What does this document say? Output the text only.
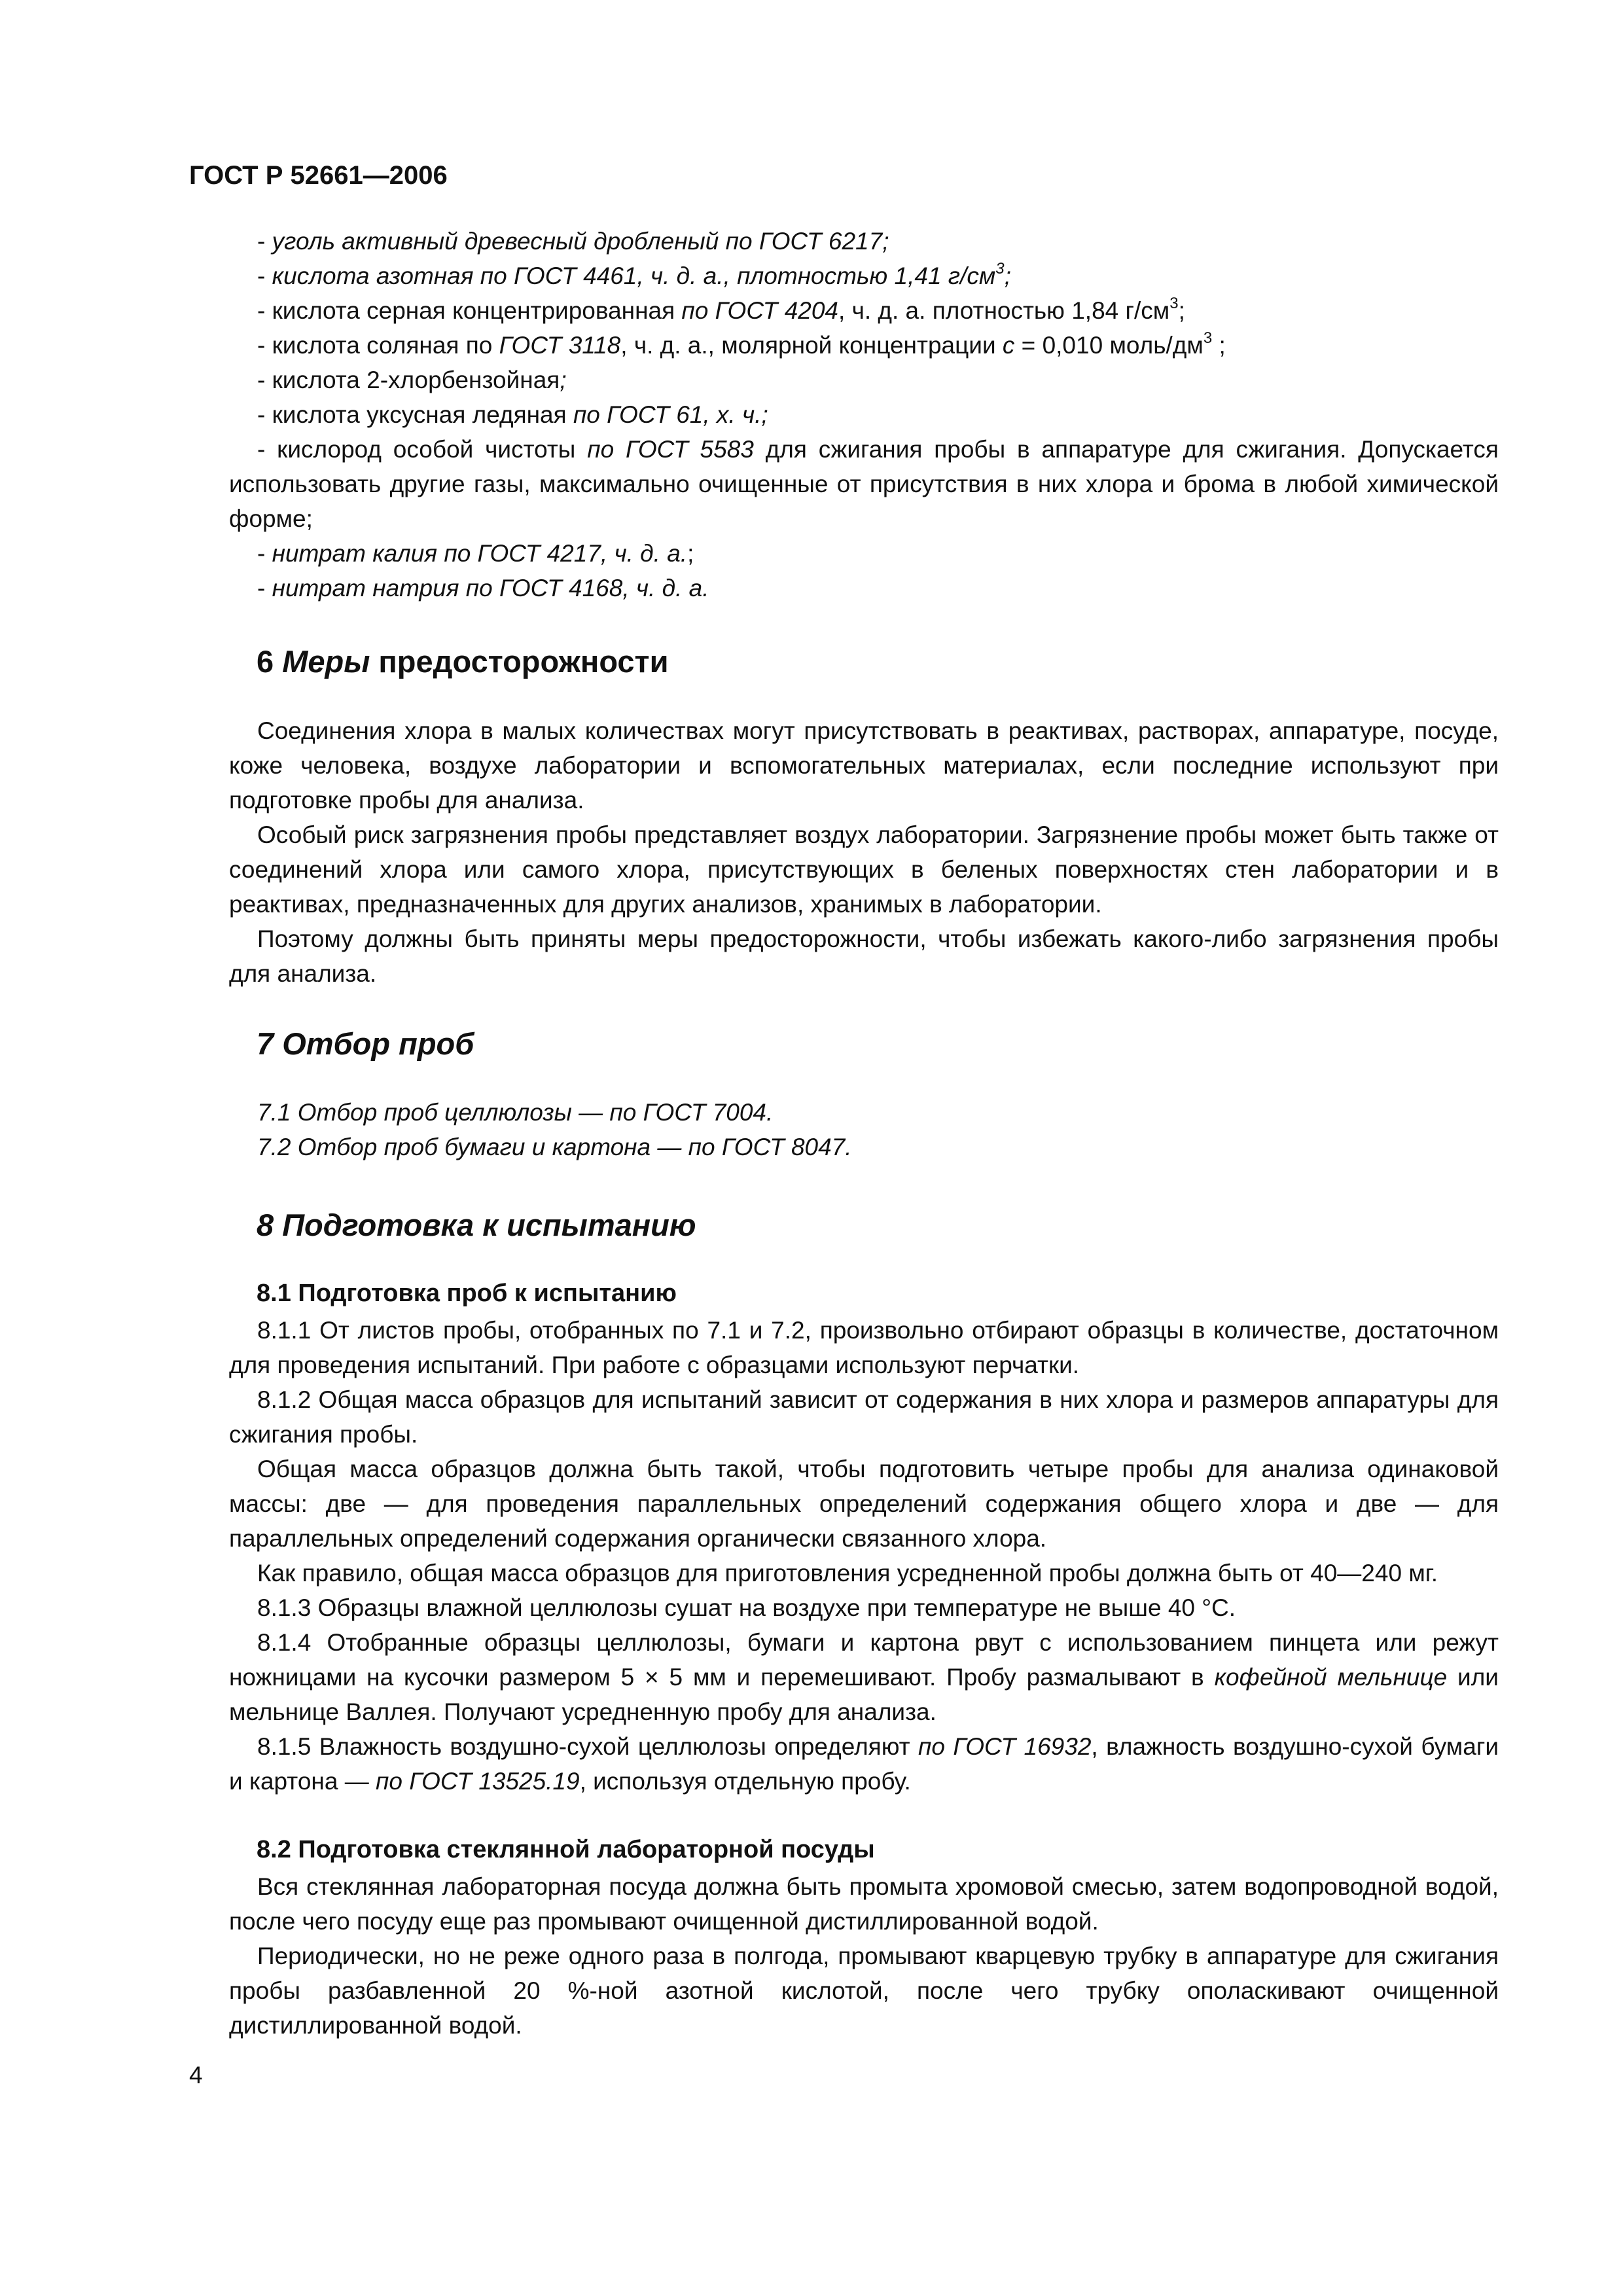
ГОСТ Р 52661—2006

- уголь активный древесный дробленый по ГОСТ 6217;

- кислота азотная по ГОСТ 4461, ч. д. а., плотностью 1,41 $г/см^3$;

- кислота серная концентрированная по ГОСТ 4204, ч. д. а. плотностью 1,84 $г/см^3$;

- кислота соляная по ГОСТ 3118, ч. д. а., молярной концентрации с = 0,010 моль/$дм^3$ ;

- кислота 2-хлорбензойная;

- кислота уксусная ледяная по ГОСТ 61, х. ч.;

- кислород особой чистоты по ГОСТ 5583 для сжигания пробы в аппаратуре для сжигания. Допускается использовать другие газы, максимально очищенные от присутствия в них хлора и брома в любой химической форме;

- нитрат калия по ГОСТ 4217, ч. д. а.;

- нитрат натрия по ГОСТ 4168, ч. д. а.

6 Меры предосторожности

Соединения хлора в малых количествах могут присутствовать в реактивах, растворах, аппаратуре, посуде, коже человека, воздухе лаборатории и вспомогательных материалах, если последние используют при подготовке пробы для анализа.

Особый риск загрязнения пробы представляет воздух лаборатории. Загрязнение пробы может быть также от соединений хлора или самого хлора, присутствующих в беленых поверхностях стен лаборатории и в реактивах, предназначенных для других анализов, хранимых в лаборатории.

Поэтому должны быть приняты меры предосторожности, чтобы избежать какого-либо загрязнения пробы для анализа.

7 Отбор проб

7.1 Отбор проб целлюлозы — по ГОСТ 7004.

7.2 Отбор проб бумаги и картона — по ГОСТ 8047.

8 Подготовка к испытанию
8.1 Подготовка проб к испытанию

8.1.1 От листов пробы, отобранных по 7.1 и 7.2, произвольно отбирают образцы в количестве, достаточном для проведения испытаний. При работе с образцами используют перчатки.

8.1.2 Общая масса образцов для испытаний зависит от содержания в них хлора и размеров аппаратуры для сжигания пробы.

Общая масса образцов должна быть такой, чтобы подготовить четыре пробы для анализа одинаковой массы: две — для проведения параллельных определений содержания общего хлора и две — для параллельных определений содержания органически связанного хлора.

Как правило, общая масса образцов для приготовления усредненной пробы должна быть от 40—240 мг.

8.1.3 Образцы влажной целлюлозы сушат на воздухе при температуре не выше 40 °С.

8.1.4 Отобранные образцы целлюлозы, бумаги и картона рвут с использованием пинцета или режут ножницами на кусочки размером 5 × 5 мм и перемешивают. Пробу размалывают в кофейной мельнице или мельнице Валлея. Получают усредненную пробу для анализа.

8.1.5 Влажность воздушно-сухой целлюлозы определяют по ГОСТ 16932, влажность воздушно-сухой бумаги и картона — по ГОСТ 13525.19, используя отдельную пробу.

8.2 Подготовка стеклянной лабораторной посуды

Вся стеклянная лабораторная посуда должна быть промыта хромовой смесью, затем водопроводной водой, после чего посуду еще раз промывают очищенной дистиллированной водой.

Периодически, но не реже одного раза в полгода, промывают кварцевую трубку в аппаратуре для сжигания пробы разбавленной 20 %-ной азотной кислотой, после чего трубку ополаскивают очищенной дистиллированной водой.

4
